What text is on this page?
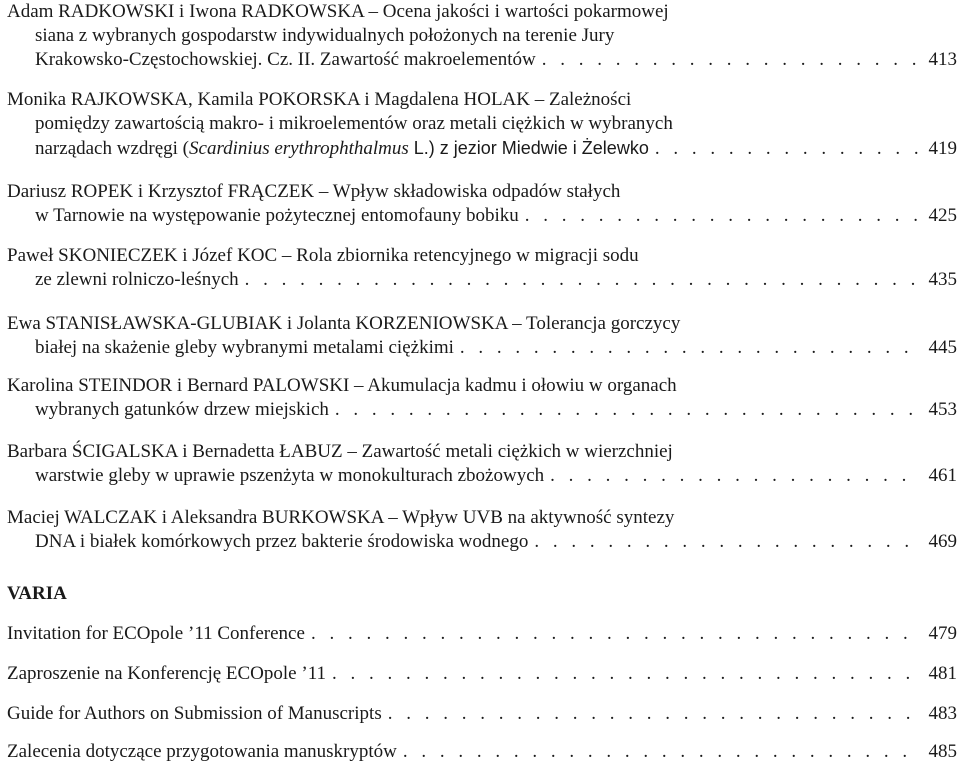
Adam RADKOWSKI i Iwona RADKOWSKA – Ocena jakości i wartości pokarmowej
siana z wybranych gospodarstw indywidualnych położonych na terenie Jury
Krakowsko-Częstochowskiej. Cz. II. Zawartość makroelementów . . .	413
Monika RAJKOWSKA, Kamila POKORSKA i Magdalena HOLAK – Zależności
pomiędzy zawartością makro- i mikroelementów oraz metali ciężkich w wybranych
narządach wzdręgi (Scardinius erythrophthalmus L.) z jezior Miedwie i Żelewko . . .	419
Dariusz ROPEK i Krzysztof FRĄCZEK – Wpływ składowiska odpadów stałych
w Tarnowie na występowanie pożytecznej entomofauny bobiku . . .	425
Paweł SKONIECZEK i Józef KOC – Rola zbiornika retencyjnego w migracji sodu
ze zlewni rolniczo-leśnych . . .	435
Ewa STANISŁAWSKA-GLUBIAK i Jolanta KORZENIOWSKA – Tolerancja gorczycy
białej na skażenie gleby wybranymi metalami ciężkimi . . .	445
Karolina STEINDOR i Bernard PALOWSKI – Akumulacja kadmu i ołowiu w organach
wybranych gatunków drzew miejskich . . .	453
Barbara ŚCIGALSKA i Bernadetta ŁABUZ – Zawartość metali ciężkich w wierzchniej
warstwie gleby w uprawie pszenżyta w monokulturach zbożowych . . .	461
Maciej WALCZAK i Aleksandra BURKOWSKA – Wpływ UVB na aktywność syntezy
DNA i białek komórkowych przez bakterie środowiska wodnego . . .	469
VARIA
Invitation for ECOpole ’11 Conference . . .	479
Zaproszenie na Konferencję ECOpole ’11 . . .	481
Guide for Authors on Submission of Manuscripts . . .	483
Zalecenia dotyczące przygotowania manuskryptów . . .	485
